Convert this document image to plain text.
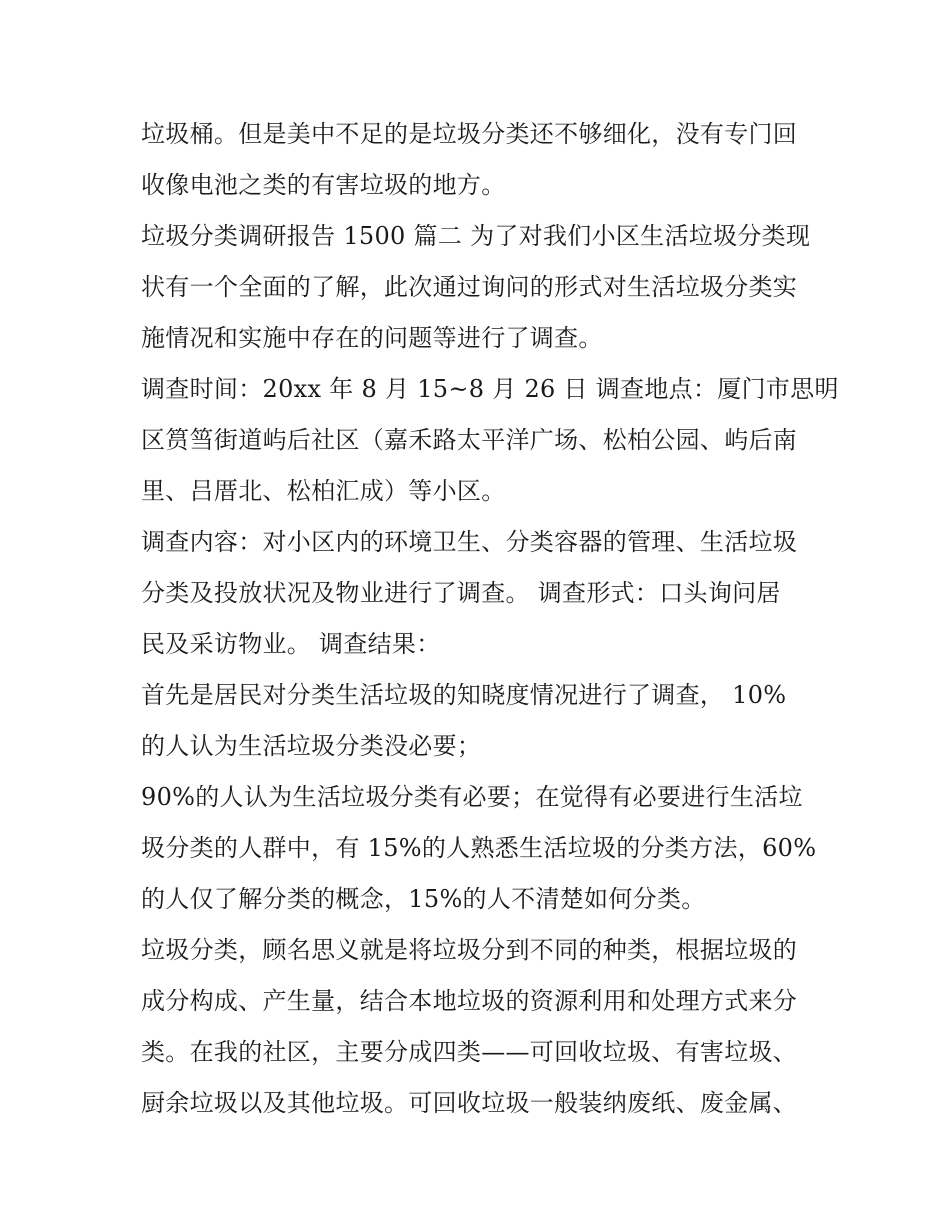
垃圾桶。但是美中不足的是垃圾分类还不够细化，没有专门回
收像电池之类的有害垃圾的地方。
垃圾分类调研报告 1500 篇二 为了对我们小区生活垃圾分类现
状有一个全面的了解，此次通过询问的形式对生活垃圾分类实
施情况和实施中存在的问题等进行了调查。
调查时间：20xx 年 8 月 15~8 月 26 日 调查地点：厦门市思明
区筼筜街道屿后社区（嘉禾路太平洋广场、松柏公园、屿后南
里、吕厝北、松柏汇成）等小区。
调查内容：对小区内的环境卫生、分类容器的管理、生活垃圾
分类及投放状况及物业进行了调查。 调查形式：口头询问居
民及采访物业。 调查结果：
首先是居民对分类生活垃圾的知晓度情况进行了调查， 10%
的人认为生活垃圾分类没必要；
90%的人认为生活垃圾分类有必要；在觉得有必要进行生活垃
圾分类的人群中，有 15%的人熟悉生活垃圾的分类方法，60%
的人仅了解分类的概念，15%的人不清楚如何分类。
垃圾分类，顾名思义就是将垃圾分到不同的种类，根据垃圾的
成分构成、产生量，结合本地垃圾的资源利用和处理方式来分
类。在我的社区，主要分成四类——可回收垃圾、有害垃圾、
厨余垃圾以及其他垃圾。可回收垃圾一般装纳废纸、废金属、
